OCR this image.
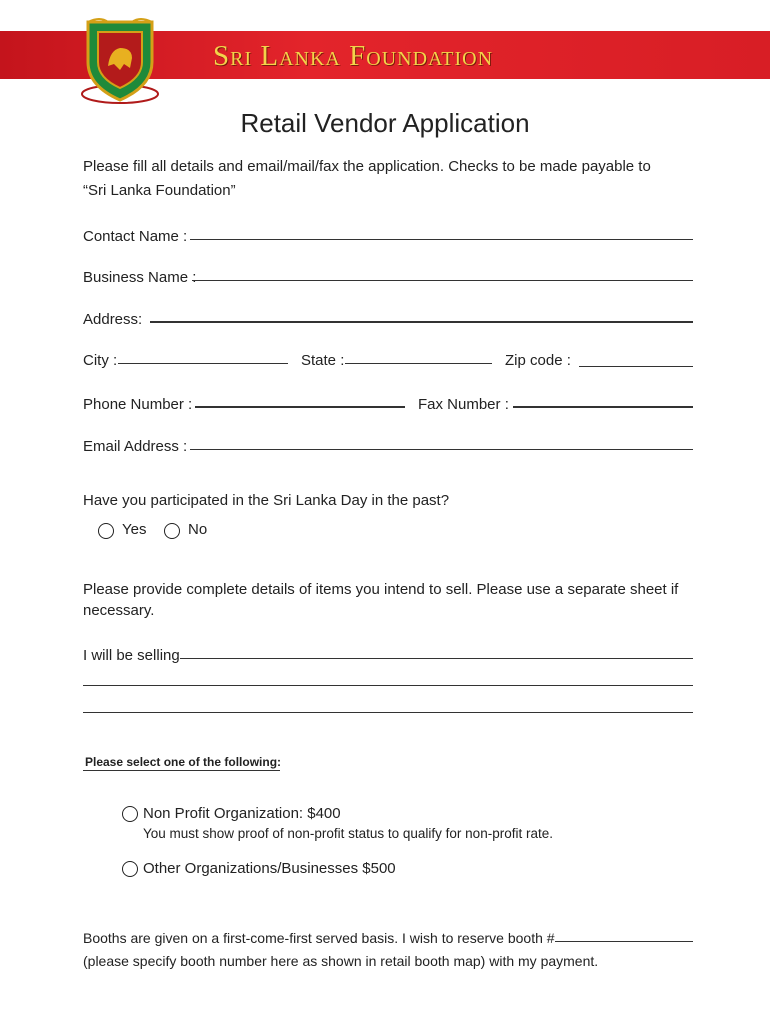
Sri Lanka Foundation
Retail Vendor Application
Please fill all details and email/mail/fax the application. Checks to be made payable to
“Sri Lanka Foundation”
Contact Name :
Business Name :
Address:
City :	State :	Zip code :
Phone Number :	Fax Number :
Email Address :
Have you participated in the Sri Lanka Day in the past?
Yes	No
Please provide complete details of items you intend to sell. Please use a separate sheet if
necessary.
I will be selling
Please select one of the following:
Non Profit Organization: $400
You must show proof of non-profit status to qualify for non-profit rate.
Other Organizations/Businesses $500
Booths are given on a first-come-first served basis. I wish to reserve booth #
(please specify booth number here as shown in retail booth map) with my payment.
